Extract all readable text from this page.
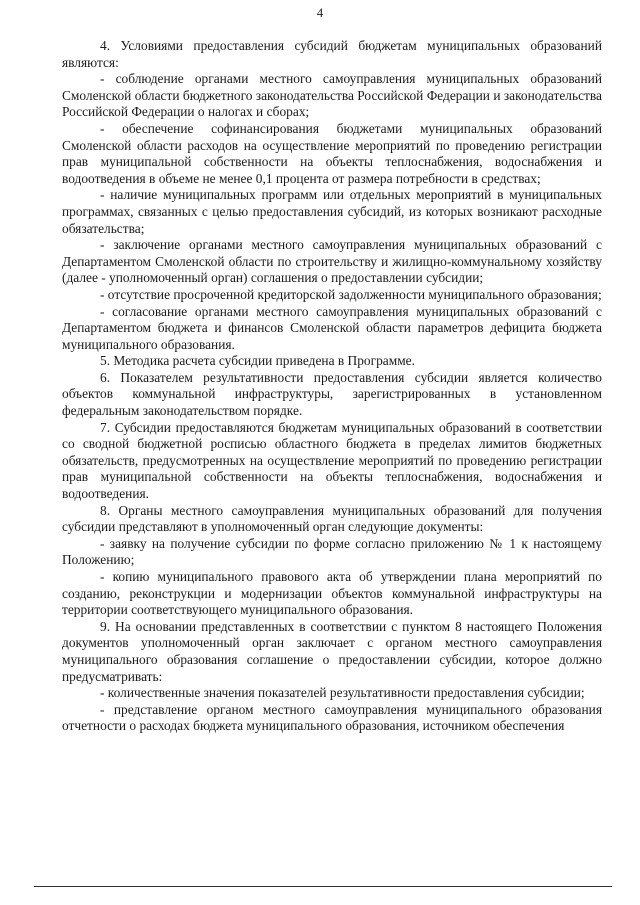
4

4. Условиями предоставления субсидий бюджетам муниципальных образований являются:

- соблюдение органами местного самоуправления муниципальных образований Смоленской области бюджетного законодательства Российской Федерации и законодательства Российской Федерации о налогах и сборах;

- обеспечение софинансирования бюджетами муниципальных образований Смоленской области расходов на осуществление мероприятий по проведению регистрации прав муниципальной собственности на объекты теплоснабжения, водоснабжения и водоотведения в объеме не менее 0,1 процента от размера потребности в средствах;

- наличие муниципальных программ или отдельных мероприятий в муниципальных программах, связанных с целью предоставления субсидий, из которых возникают расходные обязательства;

- заключение органами местного самоуправления муниципальных образований с Департаментом Смоленской области по строительству и жилищно-коммунальному хозяйству (далее - уполномоченный орган) соглашения о предоставлении субсидии;

- отсутствие просроченной кредиторской задолженности муниципального образования;

- согласование органами местного самоуправления муниципальных образований с Департаментом бюджета и финансов Смоленской области параметров дефицита бюджета муниципального образования.

5. Методика расчета субсидии приведена в Программе.

6. Показателем результативности предоставления субсидии является количество объектов коммунальной инфраструктуры, зарегистрированных в установленном федеральным законодательством порядке.

7. Субсидии предоставляются бюджетам муниципальных образований в соответствии со сводной бюджетной росписью областного бюджета в пределах лимитов бюджетных обязательств, предусмотренных на осуществление мероприятий по проведению регистрации прав муниципальной собственности на объекты теплоснабжения, водоснабжения и водоотведения.

8. Органы местного самоуправления муниципальных образований для получения субсидии представляют в уполномоченный орган следующие документы:

- заявку на получение субсидии по форме согласно приложению № 1 к настоящему Положению;

- копию муниципального правового акта об утверждении плана мероприятий по созданию, реконструкции и модернизации объектов коммунальной инфраструктуры на территории соответствующего муниципального образования.

9. На основании представленных в соответствии с пунктом 8 настоящего Положения документов уполномоченный орган заключает с органом местного самоуправления муниципального образования соглашение о предоставлении субсидии, которое должно предусматривать:

- количественные значения показателей результативности предоставления субсидии;

- представление органом местного самоуправления муниципального образования отчетности о расходах бюджета муниципального образования, источником обеспечения
